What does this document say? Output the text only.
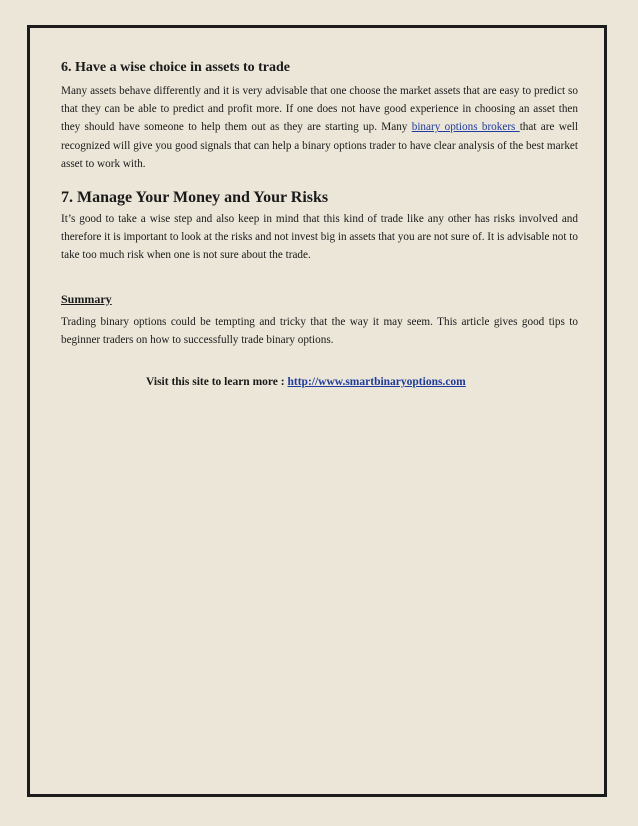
6. Have a wise choice in assets to trade

Many assets behave differently and it is very advisable that one choose the market assets that are easy to predict so that they can be able to predict and profit more. If one does not have good experience in choosing an asset then they should have someone to help them out as they are starting up. Many binary options brokers that are well recognized will give you good signals that can help a binary options trader to have clear analysis of the best market asset to work with.

7. Manage Your Money and Your Risks

It’s good to take a wise step and also keep in mind that this kind of trade like any other has risks involved and therefore it is important to look at the risks and not invest big in assets that you are not sure of. It is advisable not to take too much risk when one is not sure about the trade.

Summary

Trading binary options could be tempting and tricky that the way it may seem. This article gives good tips to beginner traders on how to successfully trade binary options.

Visit this site to learn more : http://www.smartbinaryoptions.com
